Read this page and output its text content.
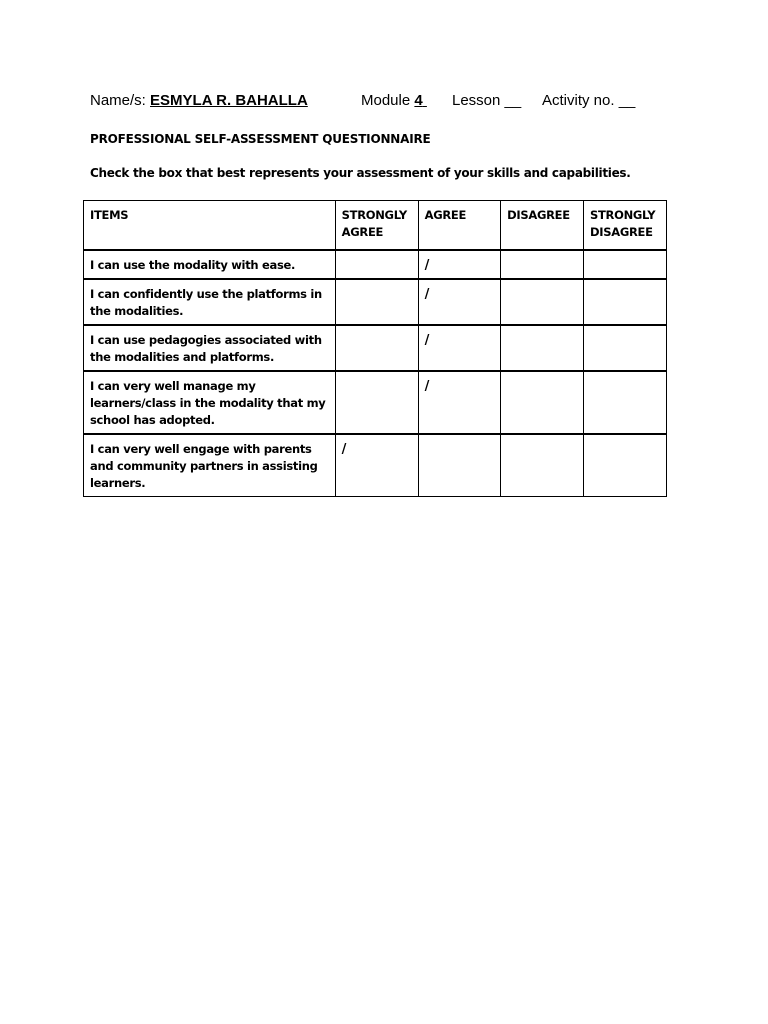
Name/s: ESMYLA R. BAHALLA	Module 4 Lesson __ Activity no. __
PROFESSIONAL SELF-ASSESSMENT QUESTIONNAIRE
Check the box that best represents your assessment of your skills and capabilities.
ITEMS	STRONGLY AGREE	AGREE	DISAGREE	STRONGLY DISAGREE
I can use the modality with ease.		/		
I can confidently use the platforms in the modalities.		/		
I can use pedagogies associated with the modalities and platforms.		/		
I can very well manage my learners/class in the modality that my school has adopted.		/		
I can very well engage with parents and community partners in assisting learners.	/			
